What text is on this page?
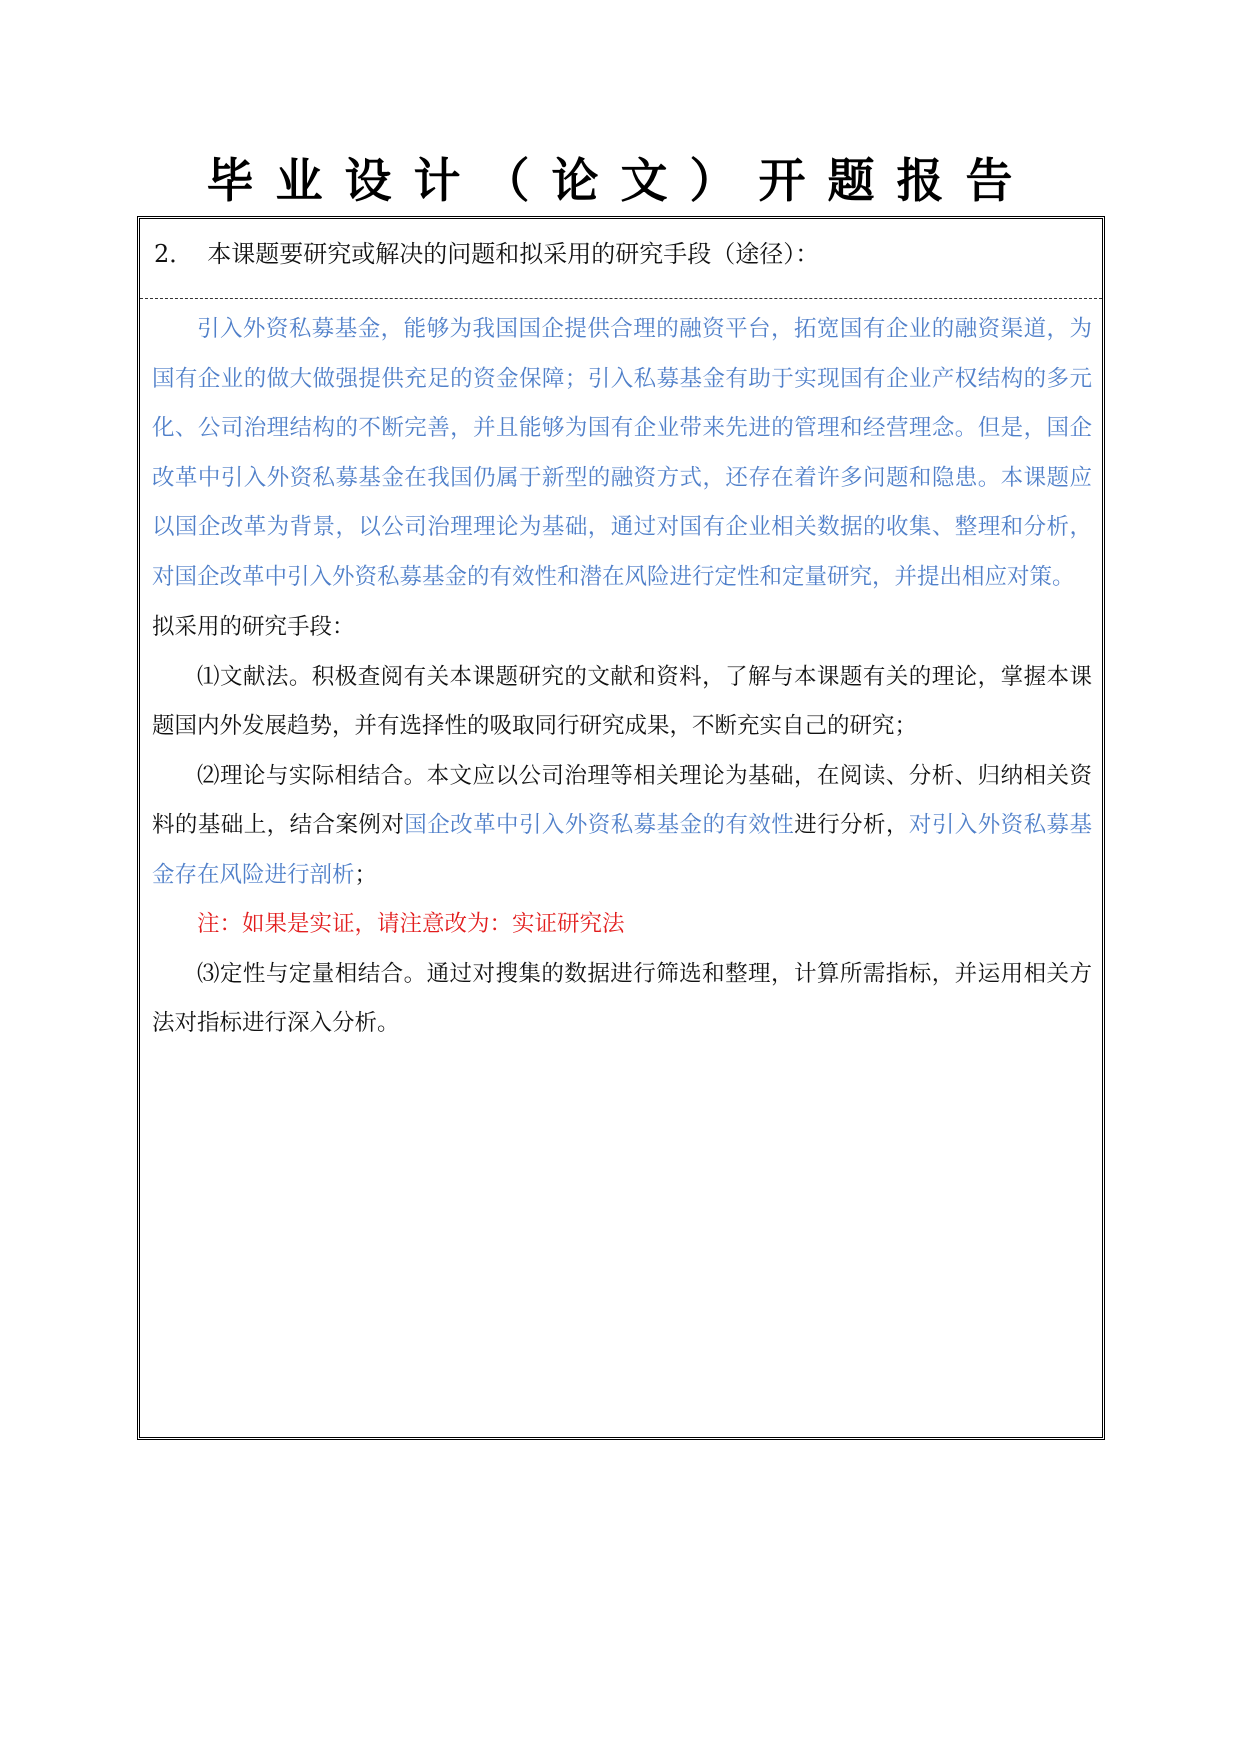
毕业设计（论文）开题报告
2． 本课题要研究或解决的问题和拟采用的研究手段（途径）：

引入外资私募基金，能够为我国国企提供合理的融资平台，拓宽国有企业的融资渠道，为国有企业的做大做强提供充足的资金保障；引入私募基金有助于实现国有企业产权结构的多元化、公司治理结构的不断完善，并且能够为国有企业带来先进的管理和经营理念。但是，国企改革中引入外资私募基金在我国仍属于新型的融资方式，还存在着许多问题和隐患。本课题应以国企改革为背景，以公司治理理论为基础，通过对国有企业相关数据的收集、整理和分析，对国企改革中引入外资私募基金的有效性和潜在风险进行定性和定量研究，并提出相应对策。

拟采用的研究手段：

⑴文献法。积极查阅有关本课题研究的文献和资料，了解与本课题有关的理论，掌握本课题国内外发展趋势，并有选择性的吸取同行研究成果，不断充实自己的研究；

⑵理论与实际相结合。本文应以公司治理等相关理论为基础，在阅读、分析、归纳相关资料的基础上，结合案例对国企改革中引入外资私募基金的有效性进行分析，对引入外资私募基金存在风险进行剖析；

注：如果是实证，请注意改为：实证研究法

⑶定性与定量相结合。通过对搜集的数据进行筛选和整理，计算所需指标，并运用相关方法对指标进行深入分析。
